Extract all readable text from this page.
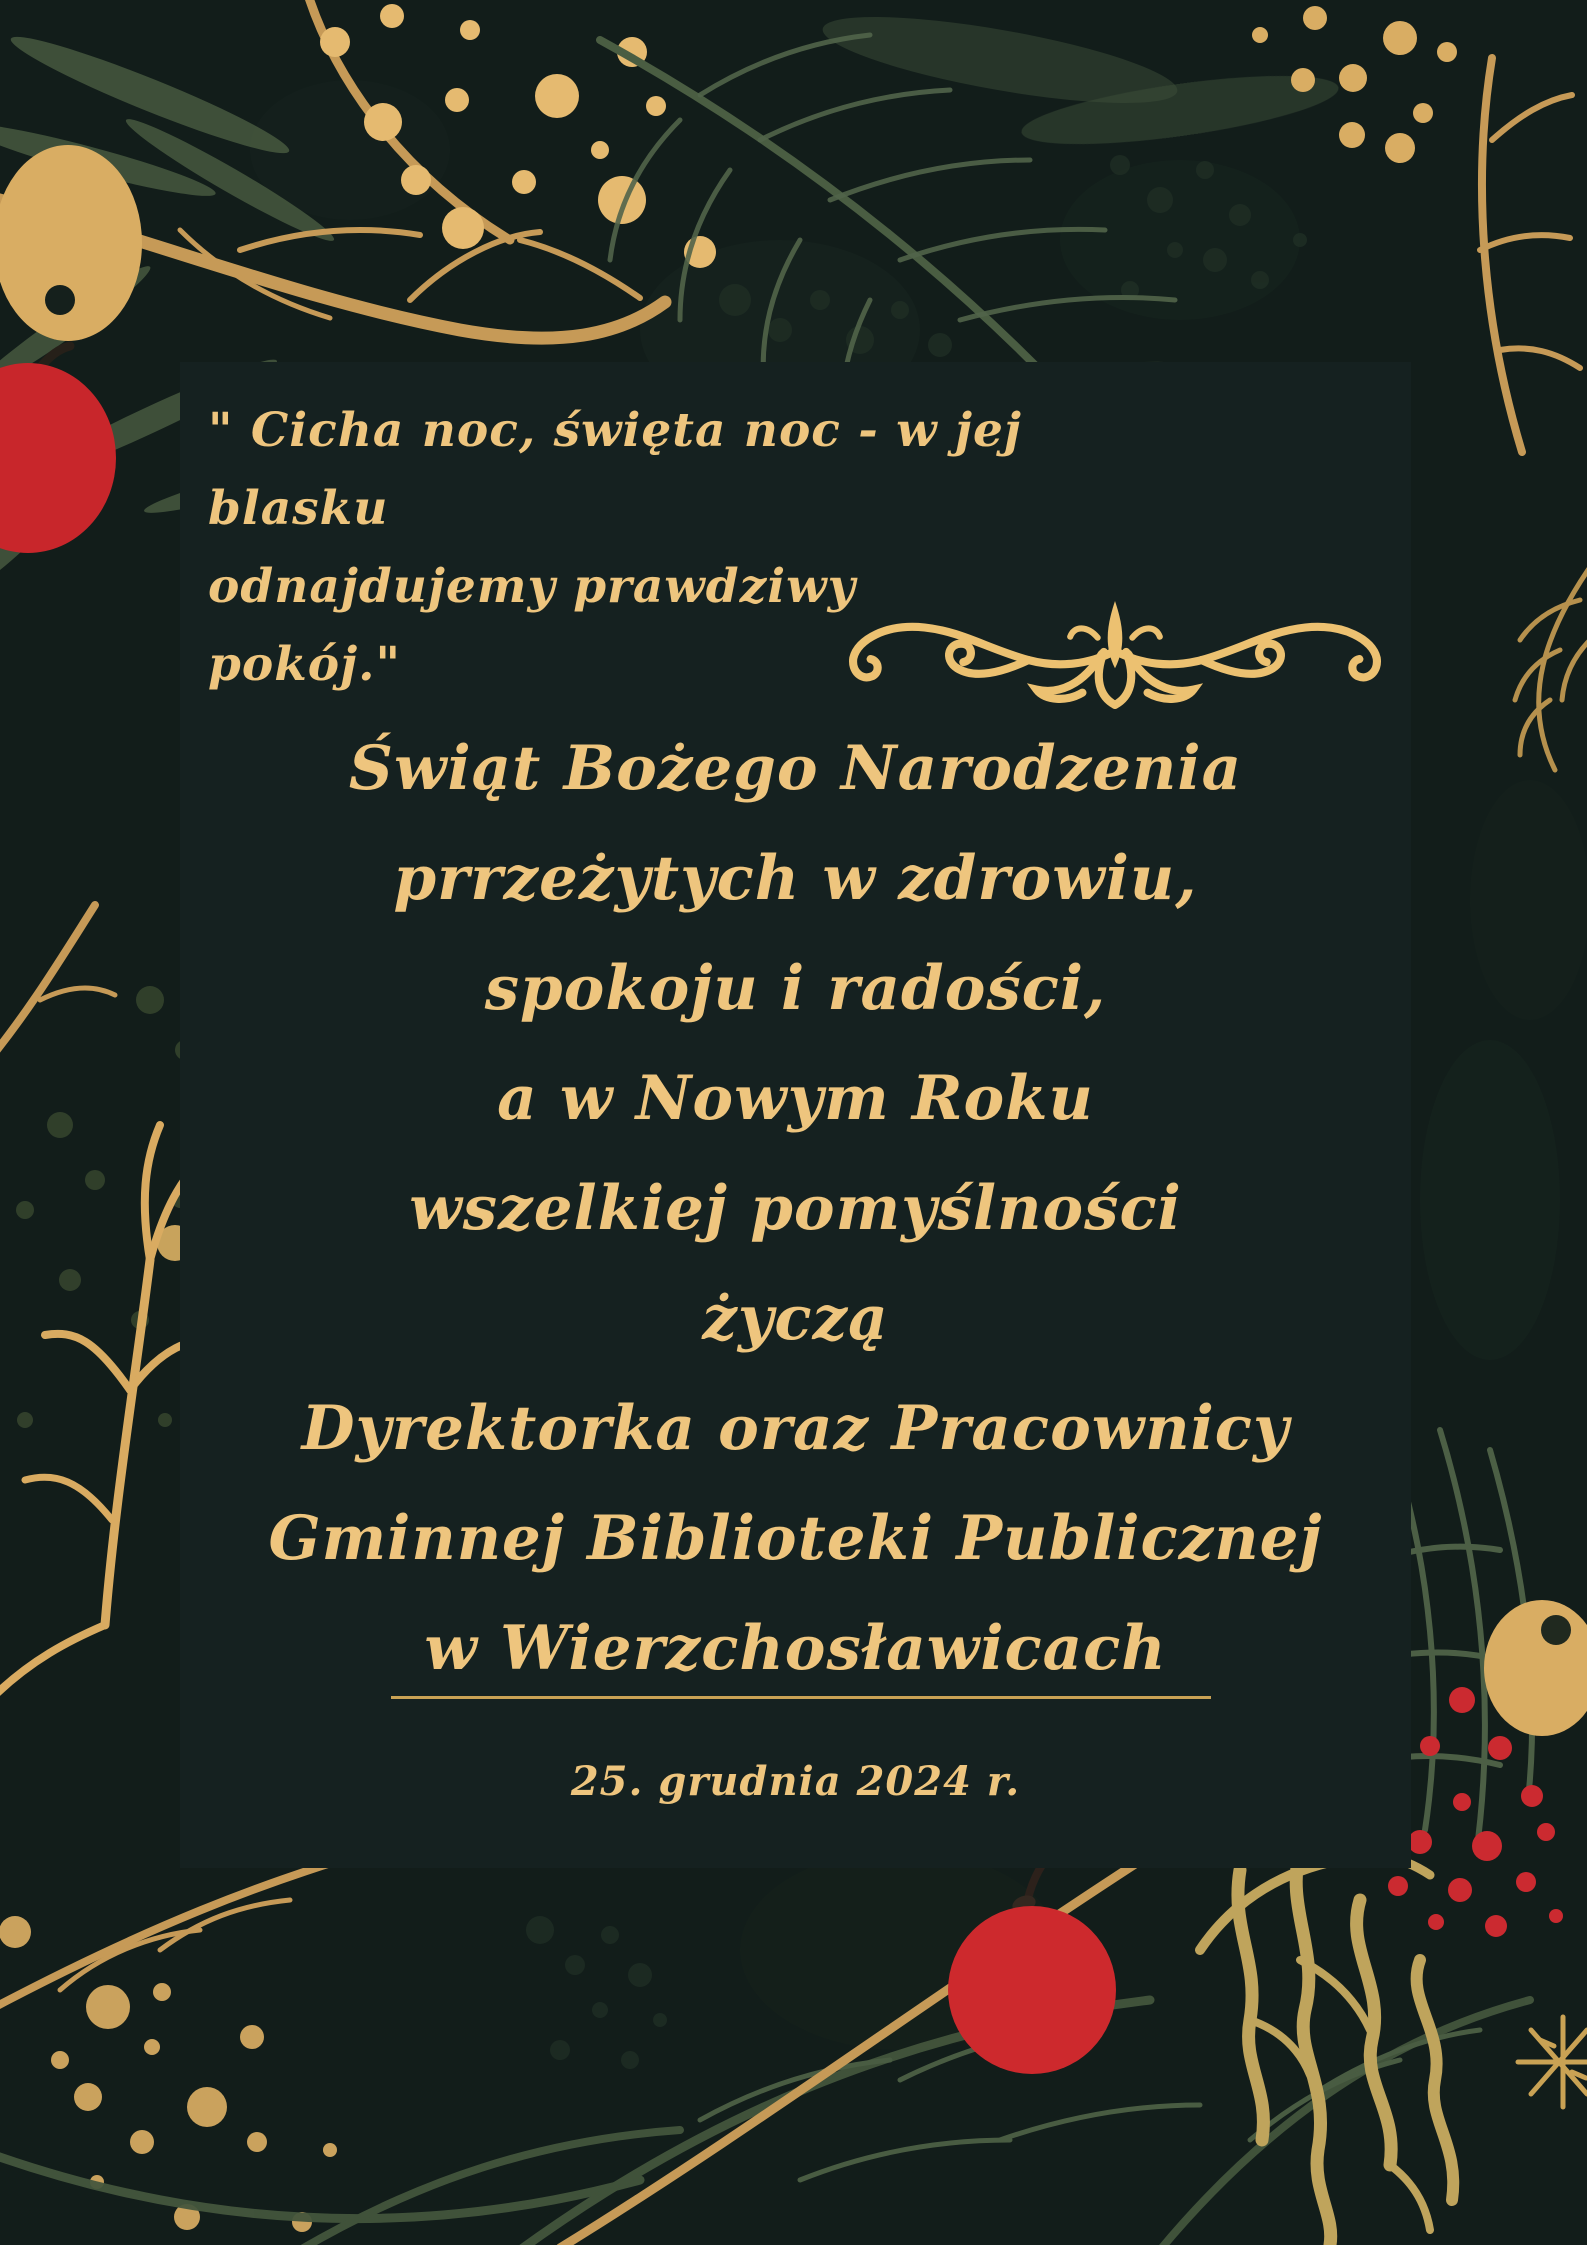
" Cicha noc, święta noc - w jej blasku
odnajdujemy prawdziwy pokój."
Świąt Bożego Narodzenia
prrzeżytych w zdrowiu,
spokoju i radości,
a w Nowym Roku
wszelkiej pomyślności
życzą
Dyrektorka oraz Pracownicy
Gminnej Biblioteki Publicznej
w Wierzchosławicach
25. grudnia 2024 r.
